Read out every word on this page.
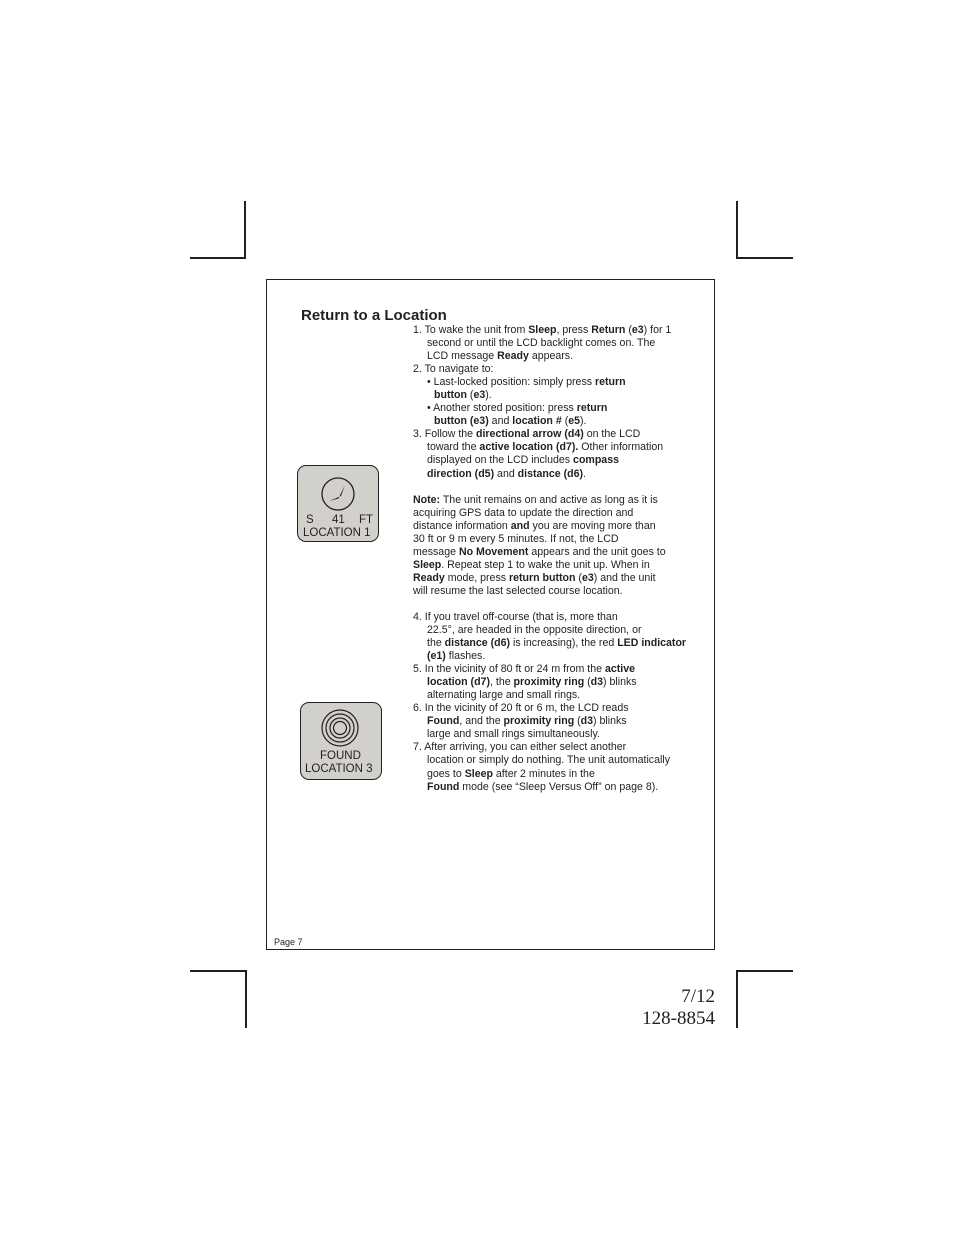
Return to a Location

1. To wake the unit from Sleep, press Return (e3) for 1

second or until the LCD backlight comes on. The

LCD message Ready appears.

2. To navigate to:

• Last-locked position: simply press return

button (e3).

• Another stored position: press return

button (e3) and location # (e5).

3. Follow the directional arrow (d4) on the LCD

toward the active location (d7). Other information

displayed on the LCD includes compass

direction (d5) and distance (d6).

Note: The unit remains on and active as long as it is

acquiring GPS data to update the direction and

distance information and you are moving more than

30 ft or 9 m every 5 minutes. If not, the LCD

message No Movement appears and the unit goes to

Sleep. Repeat step 1 to wake the unit up. When in

Ready mode, press return button (e3) and the unit

will resume the last selected course location.

4. If you travel off-course (that is, more than

22.5°, are headed in the opposite direction, or

the distance (d6) is increasing), the red LED indicator

(e1) flashes.

5. In the vicinity of 80 ft or 24 m from the active

location (d7), the proximity ring (d3) blinks

alternating large and small rings.

6. In the vicinity of 20 ft or 6 m, the LCD reads

Found, and the proximity ring (d3) blinks

large and small rings simultaneously.

7. After arriving, you can either select another

location or simply do nothing. The unit automatically

goes to Sleep after 2 minutes in the

Found mode (see “Sleep Versus Off” on page 8).

S 41 FT
LOCATION 1
FOUND
LOCATION 3
Page 7
7/12
128-8854
